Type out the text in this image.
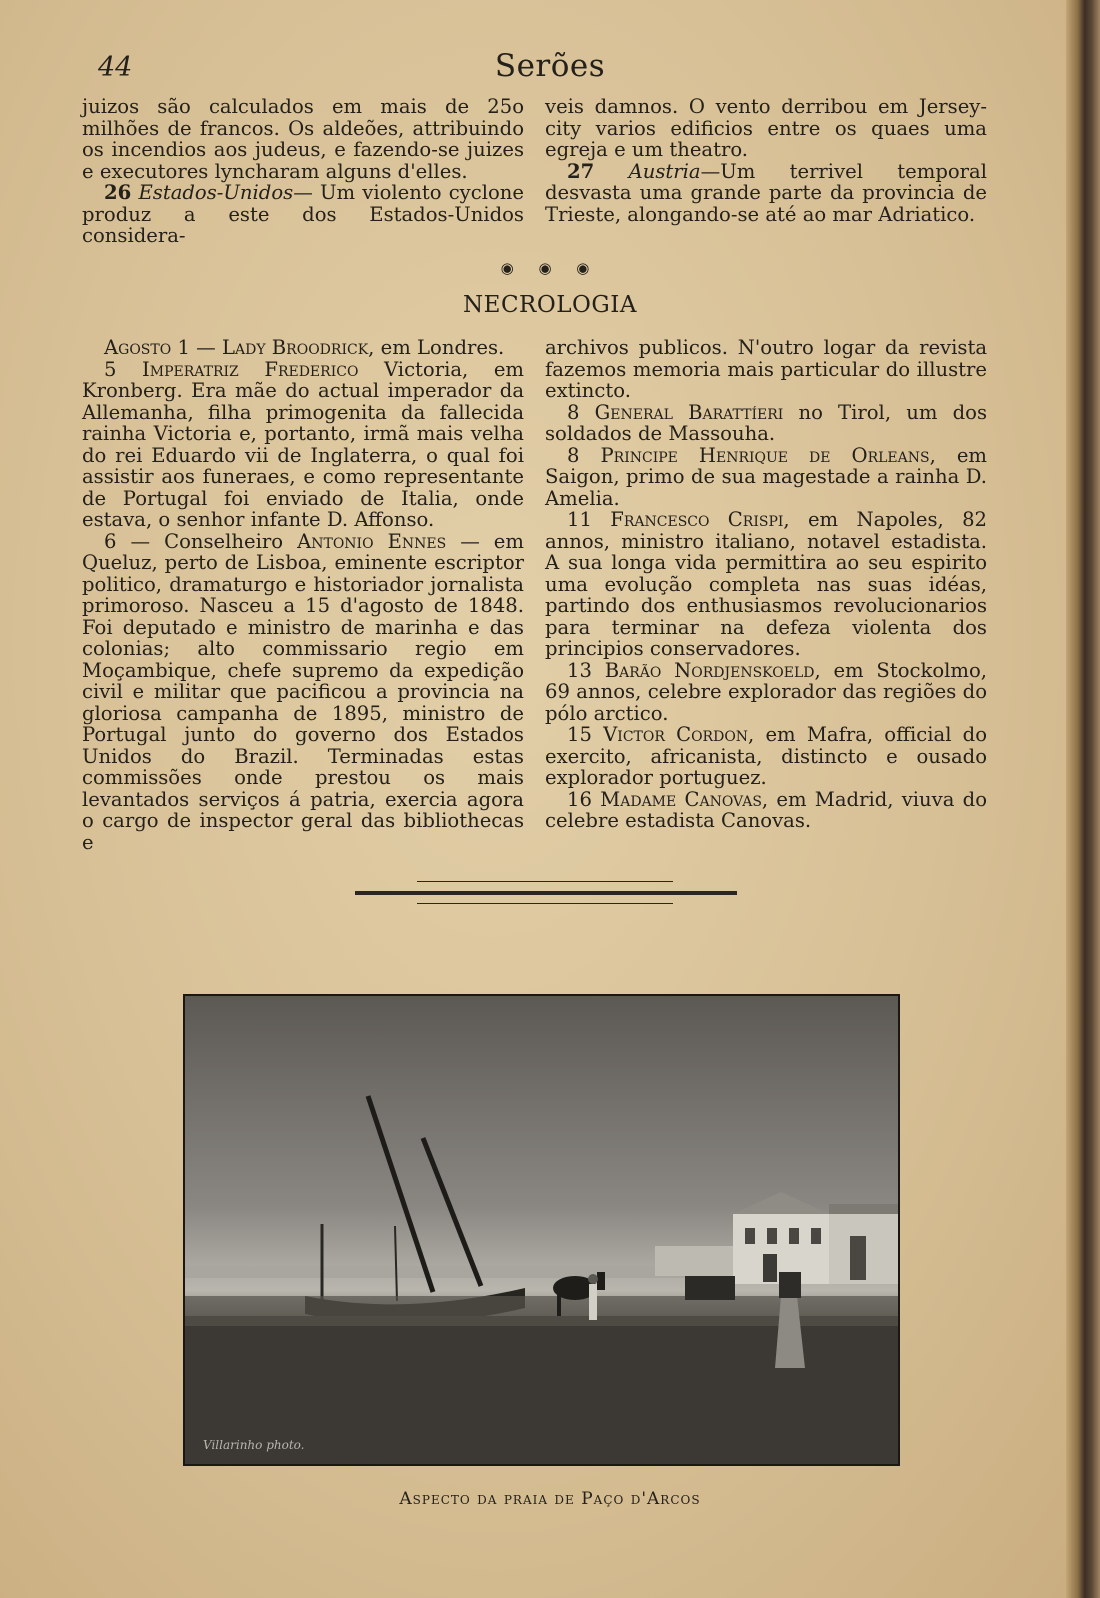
44	Serões

juizos são calculados em mais de 25o milhões de francos. Os aldeões, attribuindo os incendios aos judeus, e fazendo-se juizes e executores lyncharam alguns d'elles.

26 Estados-Unidos— Um violento cyclone produz a este dos Estados-Unidos considera-

veis damnos. O vento derribou em Jersey-city varios edificios entre os quaes uma egreja e um theatro.

27 Austria—Um terrivel temporal desvasta uma grande parte da provincia de Trieste, alongando-se até ao mar Adriatico.

◉ ◉ ◉
NECROLOGIA

Agosto 1 — Lady Broodrick, em Londres.

5 Imperatriz Frederico Victoria, em Kronberg. Era mãe do actual imperador da Allemanha, filha primogenita da fallecida rainha Victoria e, portanto, irmã mais velha do rei Eduardo vii de Inglaterra, o qual foi assistir aos funeraes, e como representante de Portugal foi enviado de Italia, onde estava, o senhor infante D. Affonso.

6 — Conselheiro Antonio Ennes — em Queluz, perto de Lisboa, eminente escriptor politico, dramaturgo e historiador jornalista primoroso. Nasceu a 15 d'agosto de 1848. Foi deputado e ministro de marinha e das colonias; alto commissario regio em Moçambique, chefe supremo da expedição civil e militar que pacificou a provincia na gloriosa campanha de 1895, ministro de Portugal junto do governo dos Estados Unidos do Brazil. Terminadas estas commissões onde prestou os mais levantados serviços á patria, exercia agora o cargo de inspector geral das bibliothecas e

archivos publicos. N'outro logar da revista fazemos memoria mais particular do illustre extincto.

8 General Barattíeri no Tirol, um dos soldados de Massouha.

8 Principe Henrique de Orleans, em Saigon, primo de sua magestade a rainha D. Amelia.

11 Francesco Crispi, em Napoles, 82 annos, ministro italiano, notavel estadista. A sua longa vida permittira ao seu espirito uma evolução completa nas suas idéas, partindo dos enthusiasmos revolucionarios para terminar na defeza violenta dos principios conservadores.

13 Barão Nordjenskoeld, em Stockolmo, 69 annos, celebre explorador das regiões do pólo arctico.

15 Victor Cordon, em Mafra, official do exercito, africanista, distincto e ousado explorador portuguez.

16 Madame Canovas, em Madrid, viuva do celebre estadista Canovas.

Villarinho photo.
Aspecto da praia de Paço d'Arcos
